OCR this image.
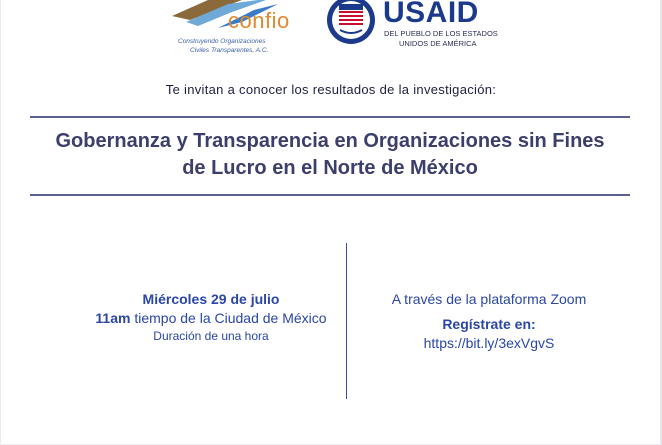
confio
Construyendo Organizaciones
Civiles Transparentes, A.C.
USAID
DEL PUEBLO DE LOS ESTADOS
UNIDOS DE AMÉRICA
Te invitan a conocer los resultados de la investigación:
Gobernanza y Transparencia en Organizaciones sin Fines
de Lucro en el Norte de México
Miércoles 29 de julio
11am tiempo de la Ciudad de México
Duración de una hora
A través de la plataforma Zoom
Regístrate en:
https://bit.ly/3exVgvS
